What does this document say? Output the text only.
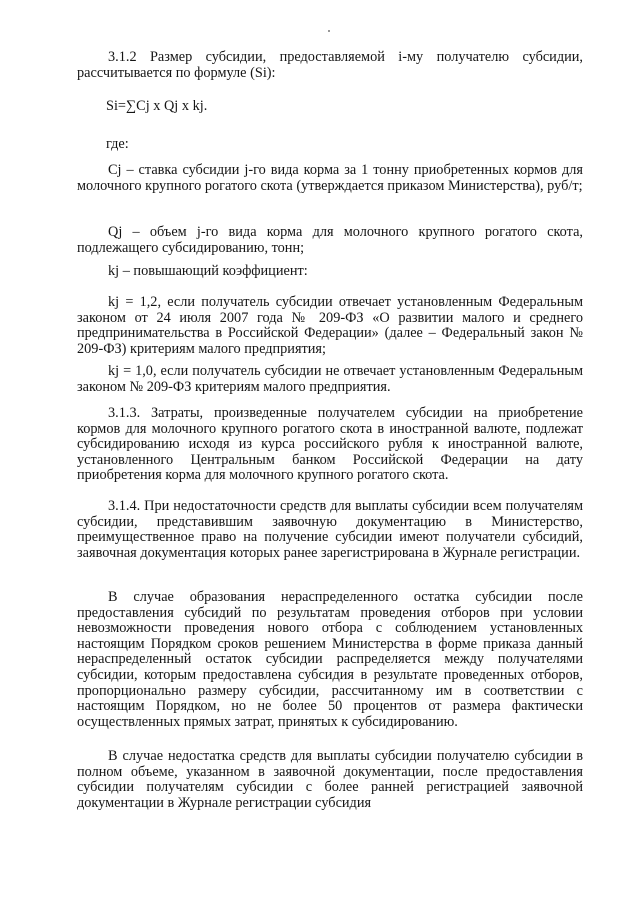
3.1.2 Размер субсидии, предоставляемой i-му получателю субсидии, рассчитывается по формуле (Si):
Si=∑Cj x Qj x kj.
где:
Cj – ставка субсидии j-го вида корма за 1 тонну приобретенных кормов для молочного крупного рогатого скота (утверждается приказом Министерства), руб/т;
Qj – объем j-го вида корма для молочного крупного рогатого скота, подлежащего субсидированию, тонн;
kj – повышающий коэффициент:
kj = 1,2, если получатель субсидии отвечает установленным Федеральным законом от 24 июля 2007 года № 209-ФЗ «О развитии малого и среднего предпринимательства в Российской Федерации» (далее – Федеральный закон № 209-ФЗ) критериям малого предприятия;
kj = 1,0, если получатель субсидии не отвечает установленным Федеральным законом № 209-ФЗ критериям малого предприятия.
3.1.3. Затраты, произведенные получателем субсидии на приобретение кормов для молочного крупного рогатого скота в иностранной валюте, подлежат субсидированию исходя из курса российского рубля к иностранной валюте, установленного Центральным банком Российской Федерации на дату приобретения корма для молочного крупного рогатого скота.
3.1.4. При недостаточности средств для выплаты субсидии всем получателям субсидии, представившим заявочную документацию в Министерство, преимущественное право на получение субсидии имеют получатели субсидий, заявочная документация которых ранее зарегистрирована в Журнале регистрации.
В случае образования нераспределенного остатка субсидии после предоставления субсидий по результатам проведения отборов при условии невозможности проведения нового отбора с соблюдением установленных настоящим Порядком сроков решением Министерства в форме приказа данный нераспределенный остаток субсидии распределяется между получателями субсидии, которым предоставлена субсидия в результате проведенных отборов, пропорционально размеру субсидии, рассчитанному им в соответствии с настоящим Порядком, но не более 50 процентов от размера фактически осуществленных прямых затрат, принятых к субсидированию.
В случае недостатка средств для выплаты субсидии получателю субсидии в полном объеме, указанном в заявочной документации, после предоставления субсидии получателям субсидии с более ранней регистрацией заявочной документации в Журнале регистрации субсидия
